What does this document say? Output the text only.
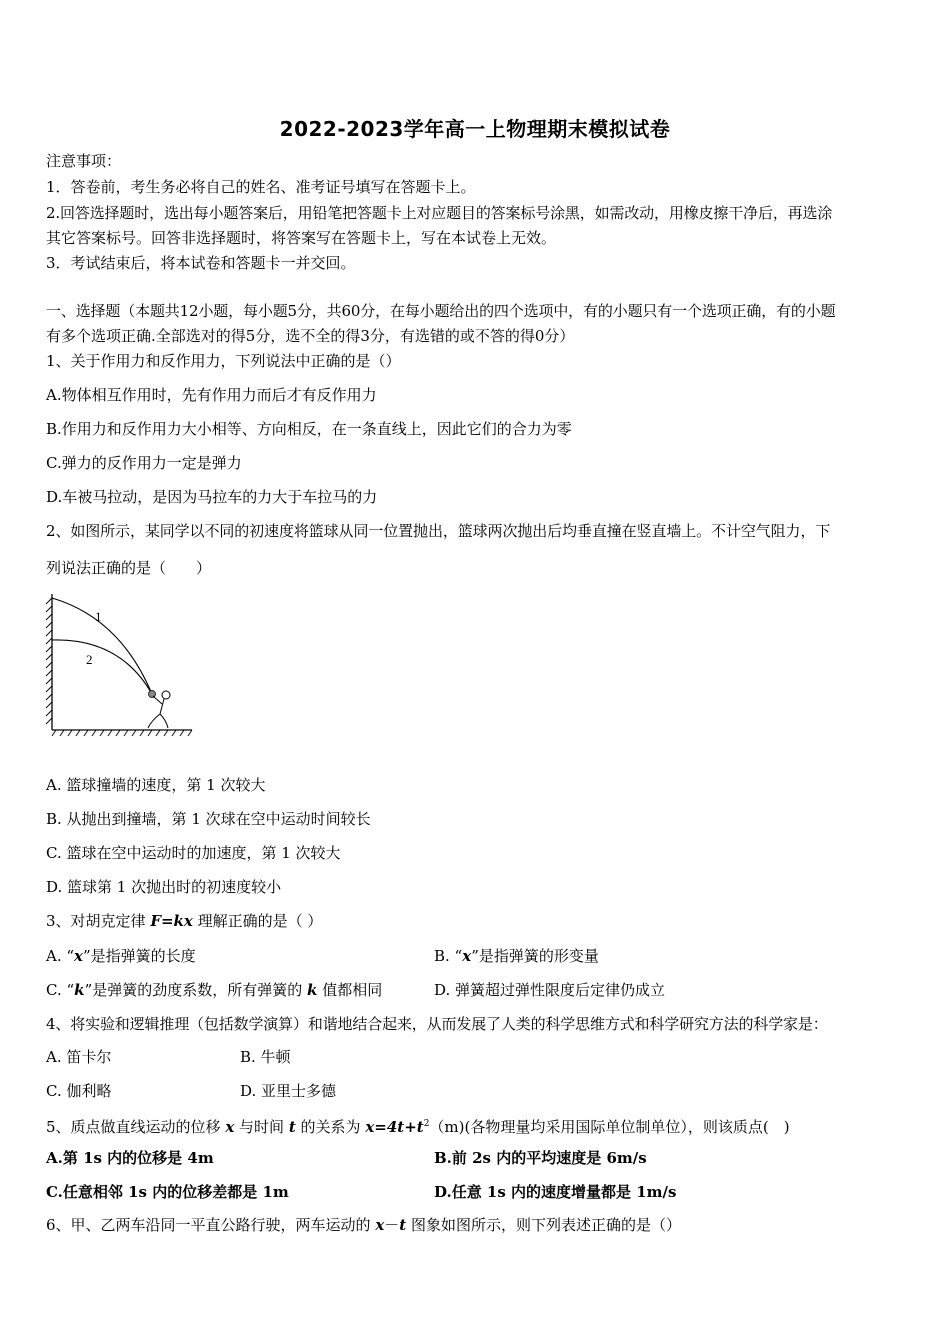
2022-2023学年高一上物理期末模拟试卷
注意事项：
1．答卷前，考生务必将自己的姓名、准考证号填写在答题卡上。
2.回答选择题时，选出每小题答案后，用铅笔把答题卡上对应题目的答案标号涂黑，如需改动，用橡皮擦干净后，再选涂
其它答案标号。回答非选择题时，将答案写在答题卡上，写在本试卷上无效。
3．考试结束后，将本试卷和答题卡一并交回。
一、选择题（本题共12小题，每小题5分，共60分，在每小题给出的四个选项中，有的小题只有一个选项正确，有的小题
有多个选项正确.全部选对的得5分，选不全的得3分，有选错的或不答的得0分）
1、关于作用力和反作用力，下列说法中正确的是（）
A.物体相互作用时，先有作用力而后才有反作用力
B.作用力和反作用力大小相等、方向相反，在一条直线上，因此它们的合力为零
C.弹力的反作用力一定是弹力
D.车被马拉动，是因为马拉车的力大于车拉马的力
2、如图所示，某同学以不同的初速度将篮球从同一位置抛出，篮球两次抛出后均垂直撞在竖直墙上。不计空气阻力，下
列说法正确的是（　　）
1
2
A. 篮球撞墙的速度，第 1 次较大
B. 从抛出到撞墙，第 1 次球在空中运动时间较长
C. 篮球在空中运动时的加速度，第 1 次较大
D. 篮球第 1 次抛出时的初速度较小
3、对胡克定律 F=kx 理解正确的是（ ）
A. “x”是指弹簧的长度	B. “x”是指弹簧的形变量
C. “k”是弹簧的劲度系数，所有弹簧的 k 值都相同	D. 弹簧超过弹性限度后定律仍成立
4、将实验和逻辑推理（包括数学演算）和谐地结合起来，从而发展了人类的科学思维方式和科学研究方法的科学家是：
A. 笛卡尔	B. 牛顿
C. 伽利略	D. 亚里士多德
5、质点做直线运动的位移 x 与时间 t 的关系为 $x=4t+t^2(m)$(各物理量均采用国际单位制单位），则该质点(　)
A.第 1s 内的位移是 4m	B.前 2s 内的平均速度是 6m/s
C.任意相邻 1s 内的位移差都是 1m	D.任意 1s 内的速度增量都是 1m/s
6、甲、乙两车沿同一平直公路行驶，两车运动的 x－t 图象如图所示，则下列表述正确的是（）
